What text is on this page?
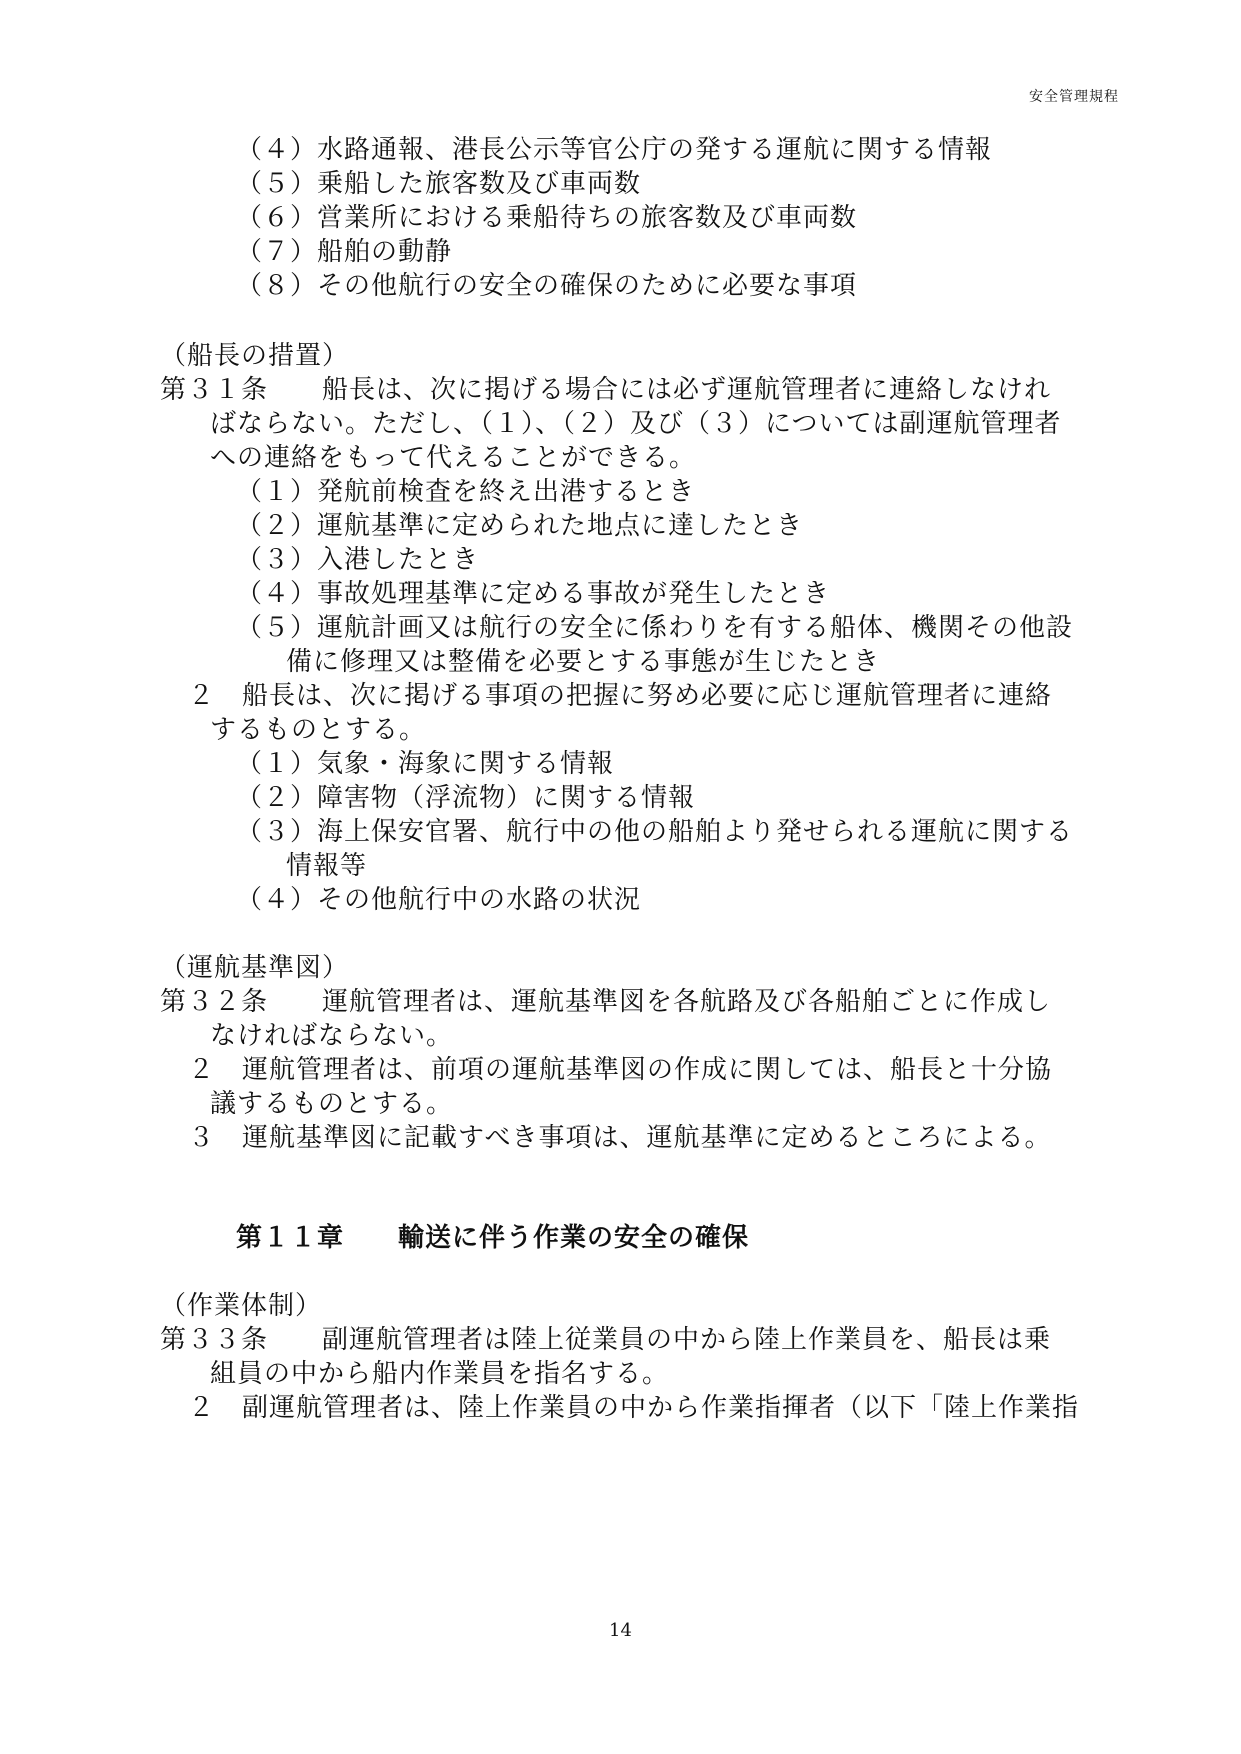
安全管理規程
（４）水路通報、港長公示等官公庁の発する運航に関する情報
（５）乗船した旅客数及び車両数
（６）営業所における乗船待ちの旅客数及び車両数
（７）船舶の動静
（８）その他航行の安全の確保のために必要な事項
（船長の措置）
第３１条　　船長は、次に掲げる場合には必ず運航管理者に連絡しなけれ
ばならない。ただし、（１）、（２）及び（３）については副運航管理者
への連絡をもって代えることができる。
（１）発航前検査を終え出港するとき
（２）運航基準に定められた地点に達したとき
（３）入港したとき
（４）事故処理基準に定める事故が発生したとき
（５）運航計画又は航行の安全に係わりを有する船体、機関その他設
備に修理又は整備を必要とする事態が生じたとき
２　船長は、次に掲げる事項の把握に努め必要に応じ運航管理者に連絡
するものとする。
（１）気象・海象に関する情報
（２）障害物（浮流物）に関する情報
（３）海上保安官署、航行中の他の船舶より発せられる運航に関する
情報等
（４）その他航行中の水路の状況
（運航基準図）
第３２条　　運航管理者は、運航基準図を各航路及び各船舶ごとに作成し
なければならない。
２　運航管理者は、前項の運航基準図の作成に関しては、船長と十分協
議するものとする。
３　運航基準図に記載すべき事項は、運航基準に定めるところによる。
第１１章　　輸送に伴う作業の安全の確保
（作業体制）
第３３条　　副運航管理者は陸上従業員の中から陸上作業員を、船長は乗
組員の中から船内作業員を指名する。
２　副運航管理者は、陸上作業員の中から作業指揮者（以下「陸上作業指
14
